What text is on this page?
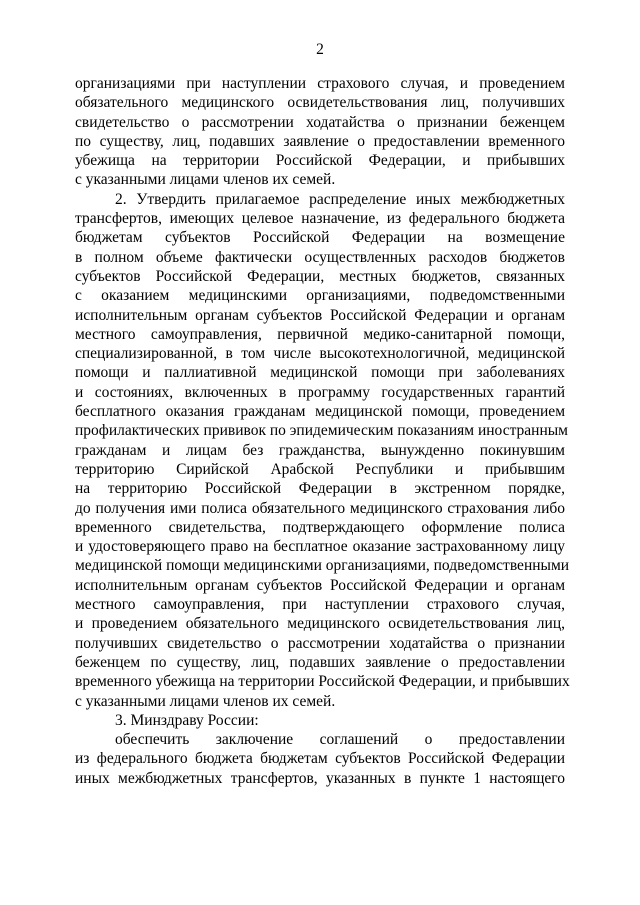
2
организациями при наступлении страхового случая, и проведением
обязательного медицинского освидетельствования лиц, получивших
свидетельство о рассмотрении ходатайства о признании беженцем
по существу, лиц, подавших заявление о предоставлении временного
убежища на территории Российской Федерации, и прибывших
с указанными лицами членов их семей.
2. Утвердить прилагаемое распределение иных межбюджетных
трансфертов, имеющих целевое назначение, из федерального бюджета
бюджетам субъектов Российской Федерации на возмещение
в полном объеме фактически осуществленных расходов бюджетов
субъектов Российской Федерации, местных бюджетов, связанных
с оказанием медицинскими организациями, подведомственными
исполнительным органам субъектов Российской Федерации и органам
местного самоуправления, первичной медико-санитарной помощи,
специализированной, в том числе высокотехнологичной, медицинской
помощи и паллиативной медицинской помощи при заболеваниях
и состояниях, включенных в программу государственных гарантий
бесплатного оказания гражданам медицинской помощи, проведением
профилактических прививок по эпидемическим показаниям иностранным
гражданам и лицам без гражданства, вынужденно покинувшим
территорию Сирийской Арабской Республики и прибывшим
на территорию Российской Федерации в экстренном порядке,
до получения ими полиса обязательного медицинского страхования либо
временного свидетельства, подтверждающего оформление полиса
и удостоверяющего право на бесплатное оказание застрахованному лицу
медицинской помощи медицинскими организациями, подведомственными
исполнительным органам субъектов Российской Федерации и органам
местного самоуправления, при наступлении страхового случая,
и проведением обязательного медицинского освидетельствования лиц,
получивших свидетельство о рассмотрении ходатайства о признании
беженцем по существу, лиц, подавших заявление о предоставлении
временного убежища на территории Российской Федерации, и прибывших
с указанными лицами членов их семей.
3. Минздраву России:
обеспечить заключение соглашений о предоставлении
из федерального бюджета бюджетам субъектов Российской Федерации
иных межбюджетных трансфертов, указанных в пункте 1 настоящего
